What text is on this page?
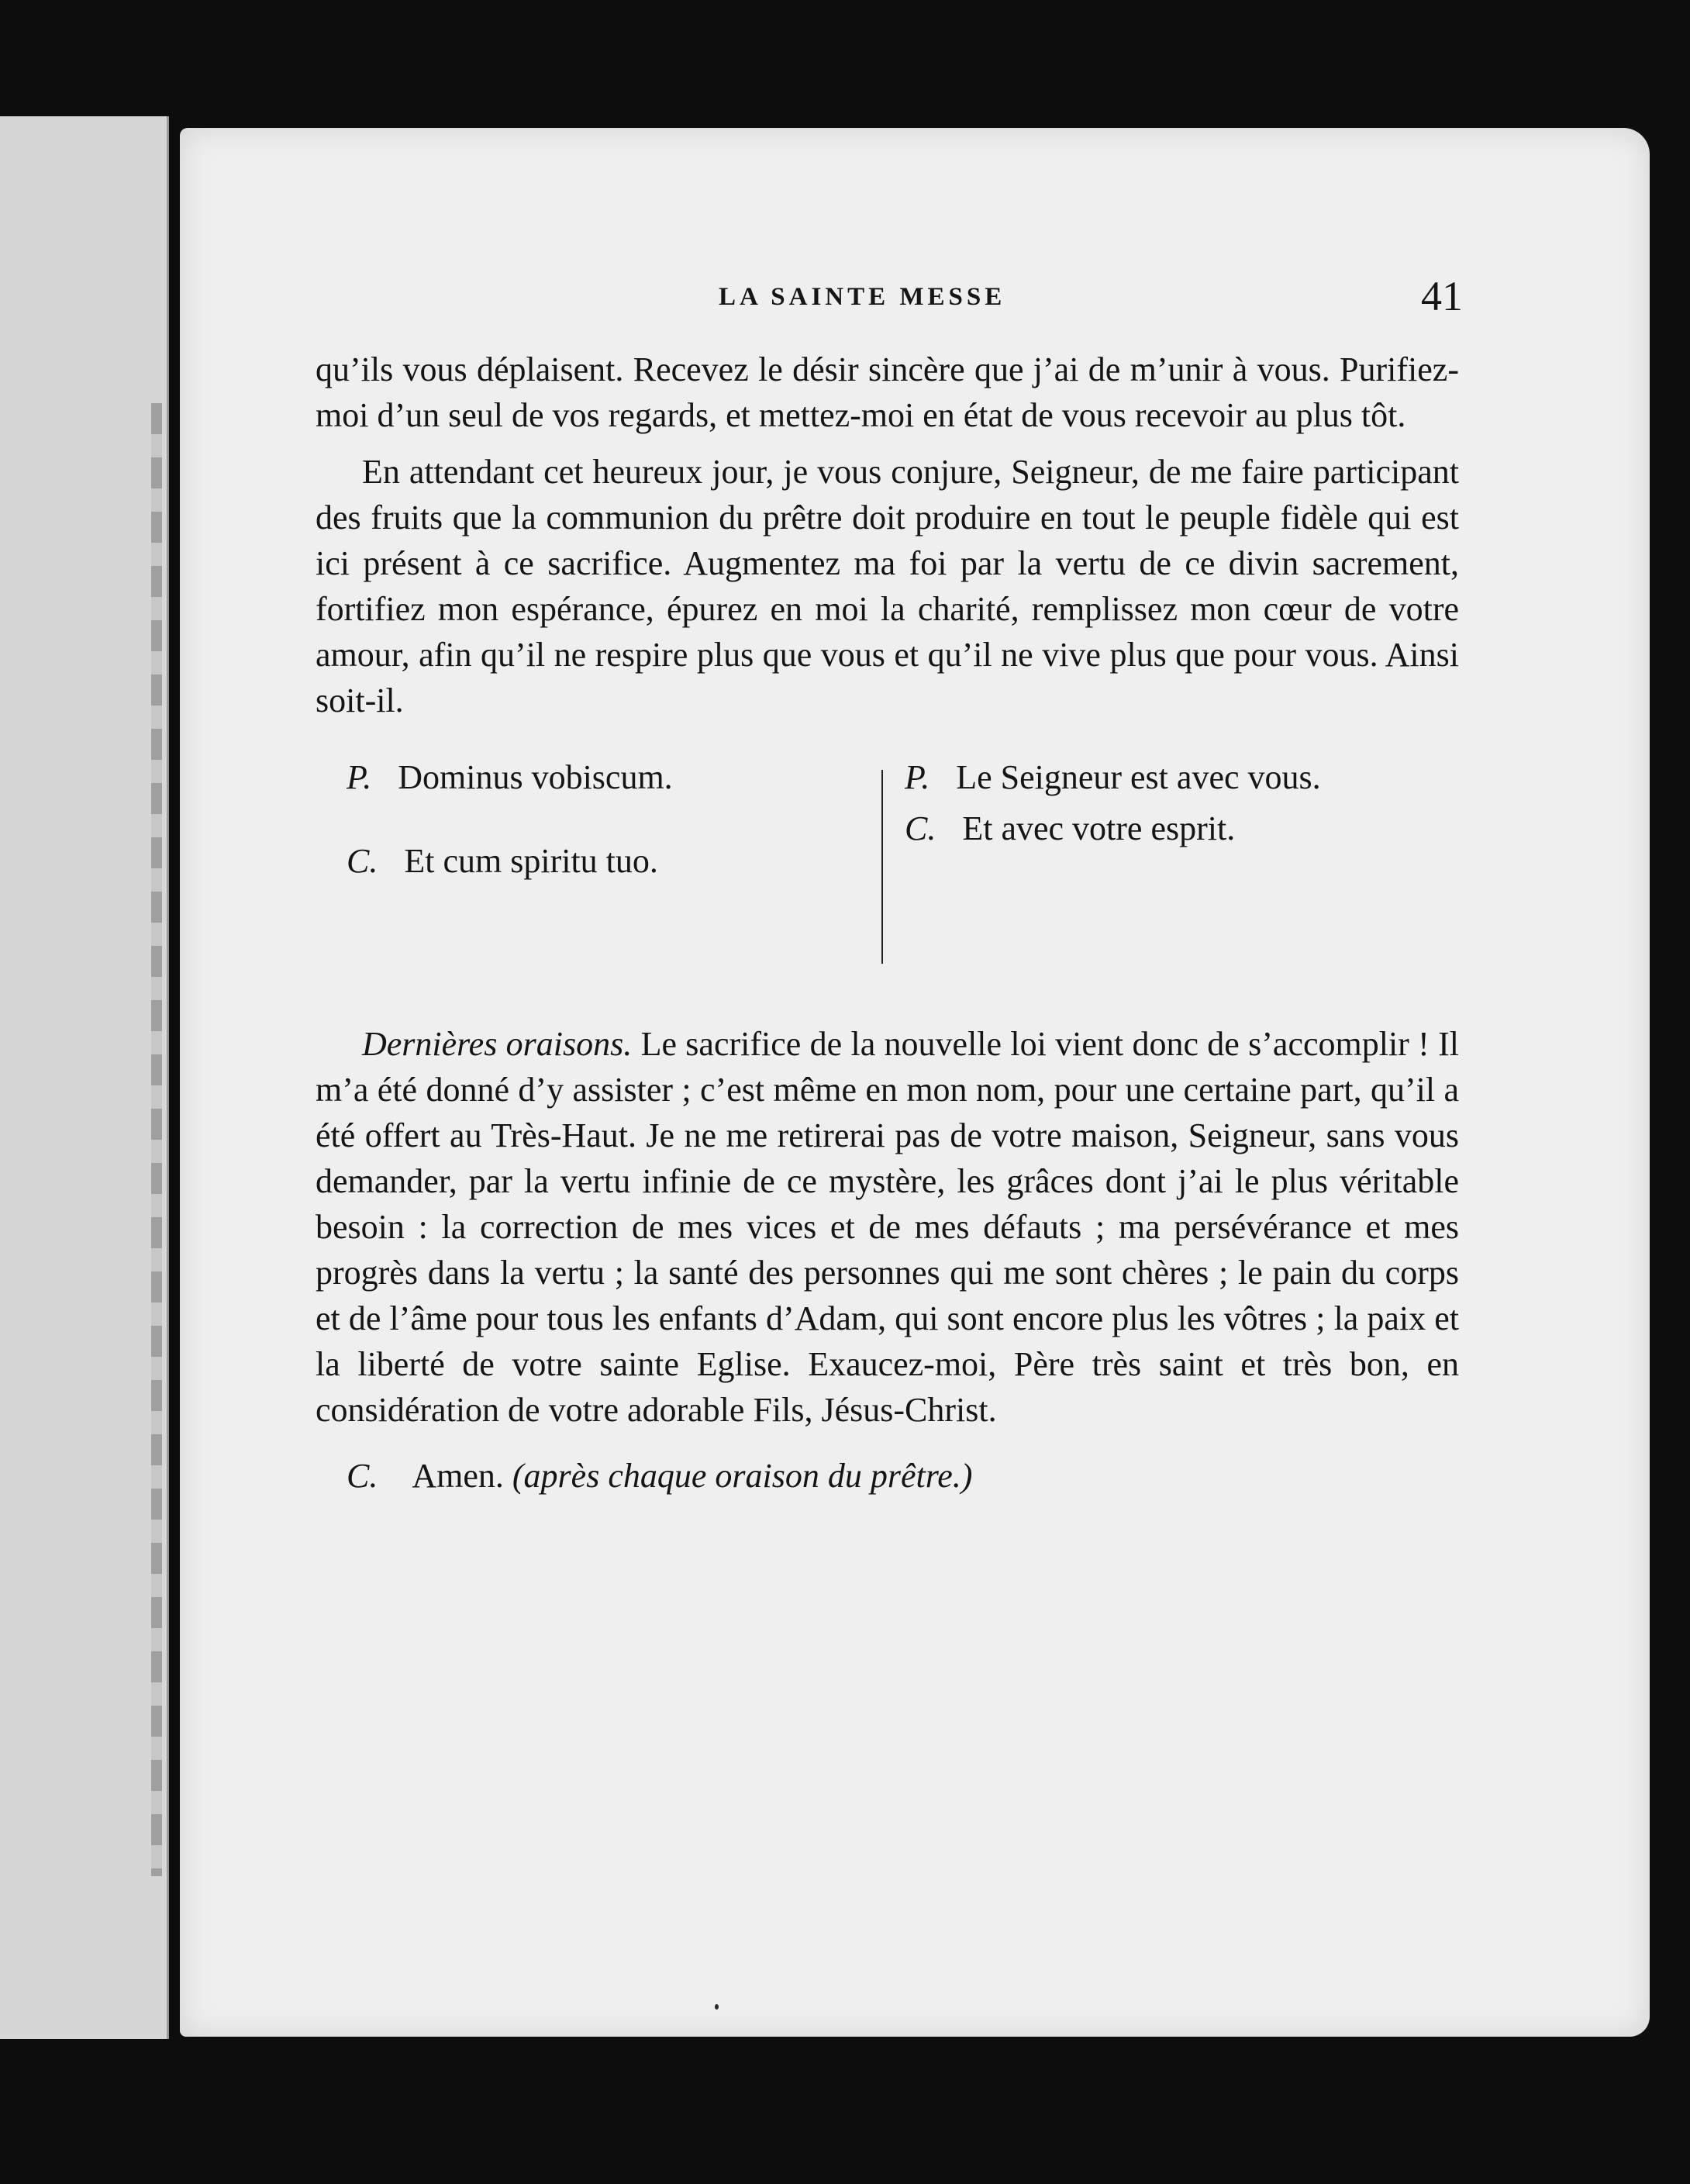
LA SAINTE MESSE	41

qu’ils vous déplaisent. Recevez le désir sincère que j’ai de m’unir à vous. Purifiez-moi d’un seul de vos regards, et mettez-moi en état de vous recevoir au plus tôt.

En attendant cet heureux jour, je vous conjure, Seigneur, de me faire participant des fruits que la communion du prêtre doit produire en tout le peuple fidèle qui est ici présent à ce sacrifice. Augmentez ma foi par la vertu de ce divin sacrement, fortifiez mon espérance, épurez en moi la charité, remplissez mon cœur de votre amour, afin qu’il ne respire plus que vous et qu’il ne vive plus que pour vous. Ainsi soit-il.

P. Dominus vobiscum.
C. Et cum spiritu tuo.
P. Le Seigneur est avec vous.
C. Et avec votre esprit.

Dernières oraisons. Le sacrifice de la nouvelle loi vient donc de s’accomplir ! Il m’a été donné d’y assister ; c’est même en mon nom, pour une certaine part, qu’il a été offert au Très-Haut. Je ne me retirerai pas de votre maison, Seigneur, sans vous demander, par la vertu infinie de ce mystère, les grâces dont j’ai le plus véritable besoin : la correction de mes vices et de mes défauts ; ma persévérance et mes progrès dans la vertu ; la santé des personnes qui me sont chères ; le pain du corps et de l’âme pour tous les enfants d’Adam, qui sont encore plus les vôtres ; la paix et la liberté de votre sainte Eglise. Exaucez-moi, Père très saint et très bon, en considération de votre adorable Fils, Jésus-Christ.

C. Amen. (après chaque oraison du prêtre.)
